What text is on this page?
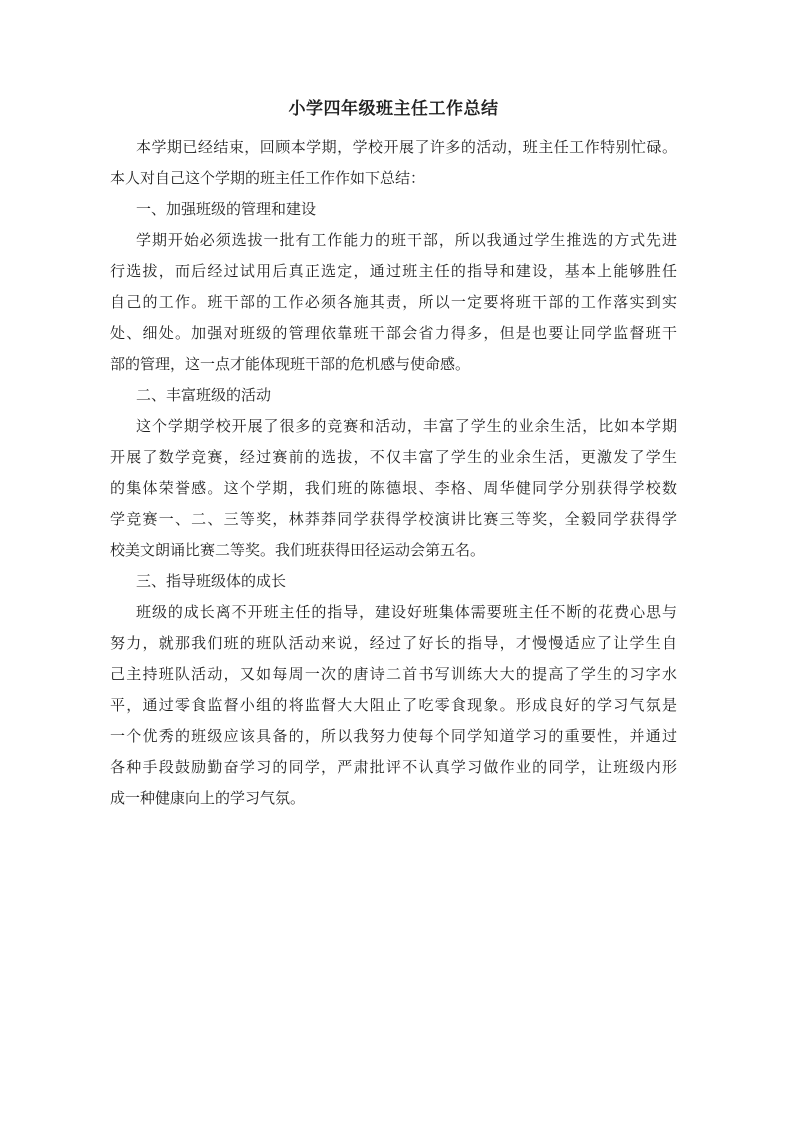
小学四年级班主任工作总结
本学期已经结束，回顾本学期，学校开展了许多的活动，班主任工作特别忙碌。
本人对自己这个学期的班主任工作作如下总结：
一、加强班级的管理和建设
学期开始必须选拔一批有工作能力的班干部，所以我通过学生推选的方式先进
行选拔，而后经过试用后真正选定，通过班主任的指导和建设，基本上能够胜任
自己的工作。班干部的工作必须各施其责，所以一定要将班干部的工作落实到实
处、细处。加强对班级的管理依靠班干部会省力得多，但是也要让同学监督班干
部的管理，这一点才能体现班干部的危机感与使命感。
二、丰富班级的活动
这个学期学校开展了很多的竞赛和活动，丰富了学生的业余生活，比如本学期
开展了数学竞赛，经过赛前的选拔，不仅丰富了学生的业余生活，更激发了学生
的集体荣誉感。这个学期，我们班的陈德垠、李格、周华健同学分别获得学校数
学竞赛一、二、三等奖，林莽莽同学获得学校演讲比赛三等奖，全毅同学获得学
校美文朗诵比赛二等奖。我们班获得田径运动会第五名。
三、指导班级体的成长
班级的成长离不开班主任的指导，建设好班集体需要班主任不断的花费心思与
努力，就那我们班的班队活动来说，经过了好长的指导，才慢慢适应了让学生自
己主持班队活动，又如每周一次的唐诗二首书写训练大大的提高了学生的习字水
平，通过零食监督小组的将监督大大阻止了吃零食现象。形成良好的学习气氛是
一个优秀的班级应该具备的，所以我努力使每个同学知道学习的重要性，并通过
各种手段鼓励勤奋学习的同学，严肃批评不认真学习做作业的同学，让班级内形
成一种健康向上的学习气氛。
